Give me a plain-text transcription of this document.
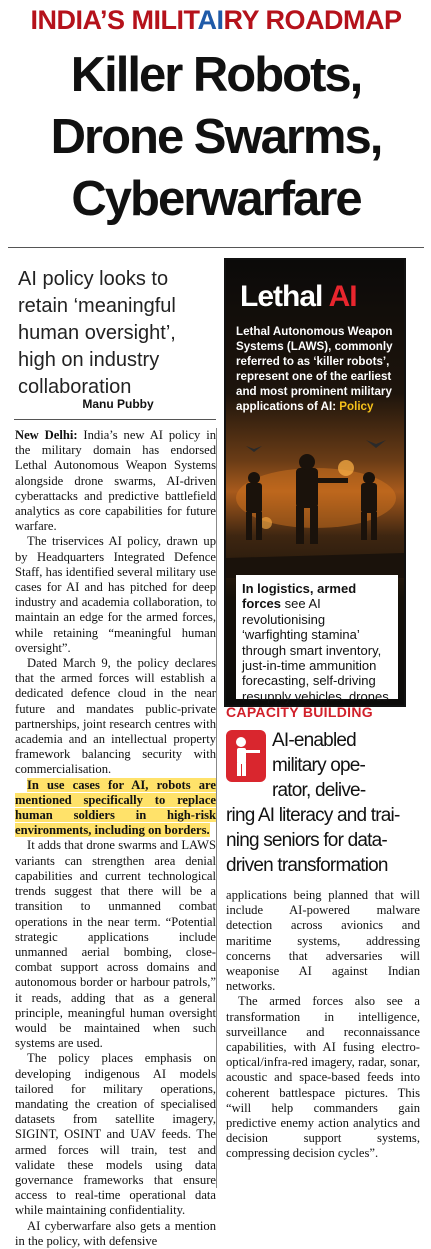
INDIA’S MILITAIRY ROADMAP
Killer Robots,
Drone Swarms,
Cyberwarfare
AI policy looks to retain ‘meaningful human oversight’, high on industry collaboration
Manu Pubby

New Delhi: India’s new AI policy in the military domain has endorsed Lethal Autonomous Weapon Systems alongside drone swarms, AI-driven cyberattacks and predictive battlefield analytics as core capabilities for future warfare.

The triservices AI policy, drawn up by Headquarters Integrated Defence Staff, has identified several military use cases for AI and has pitched for deep industry and academia collaboration, to maintain an edge for the armed forces, while retaining “meaningful human oversight”.

Dated March 9, the policy declares that the armed forces will establish a dedicated defence cloud in the near future and mandates public-private partnerships, joint research centres with academia and an intellectual property framework balancing security with commercialisation.

In use cases for AI, robots are mentioned specifically to replace human soldiers in high-risk environments, including on borders.

It adds that drone swarms and LAWS variants can strengthen area denial capabilities and current technological trends suggest that there will be a transition to unmanned combat operations in the near term. “Potential strategic applications include unmanned aerial bombing, close-combat support across domains and autonomous border or harbour patrols,” it reads, adding that as a general principle, meaningful human oversight would be maintained when such systems are used.

The policy places emphasis on developing indigenous AI models tailored for military operations, mandating the creation of specialised datasets from satellite imagery, SIGINT, OSINT and UAV feeds. The armed forces will train, test and validate these models using data governance frameworks that ensure access to real-time operational data while maintaining confidentiality.

AI cyberwarfare also gets a mention in the policy, with defensive

Lethal AI
Lethal Autonomous Weapon Systems (LAWS), commonly referred to as ‘killer robots’, represent one of the earliest and most prominent military applications of AI: Policy
In logistics, armed forces see AI revolutionising ‘warfighting stamina’ through smart inventory, just-in-time ammunition forecasting, self-driving resupply vehicles, drones
CAPACITY BUILDING
AI-enabled
military ope-
rator, delive-
ring AI literacy and trai-
ning seniors for data-
driven transformation

applications being planned that will include AI-powered malware detection across avionics and maritime systems, addressing concerns that adversaries will weaponise AI against Indian networks.

The armed forces also see a transformation in intelligence, surveillance and reconnaissance capabilities, with AI fusing electro-optical/infra-red imagery, radar, sonar, acoustic and space-based feeds into coherent battlespace pictures. This “will help commanders gain predictive enemy action analytics and decision support systems, compressing decision cycles”.
